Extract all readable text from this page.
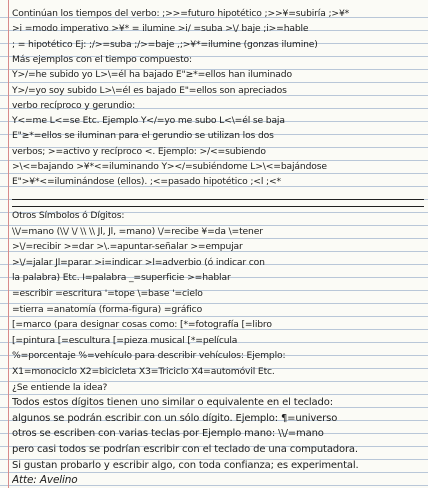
Continúan los tiempos del verbo: ;>>=futuro hipotético ;>>¥=subiría ;>¥*
>i =modo imperativo >¥* = ilumine >i/ =suba >\/ baje ;i>=hable
; = hipotético Ej: ;/>=suba ;/>=baje ,;>¥*=ilumine (gonzas ilumine)
Más ejemplos con el tiempo compuesto:
Y>/=he subido yo L>\=él ha bajado E"≥*=ellos han iluminado
Y>/=yo soy subido L>\=él es bajado E"=ellos son apreciados
verbo recíproco y gerundio:
Y<=me L<=se Etc. Ejemplo Y</=yo me subo L<\=él se baja
E"≥*=ellos se iluminan para el gerundio se utilizan los dos
verbos; >=activo y recíproco <. Ejemplo: >/<=subiendo
>\<=bajando >¥*<=iluminando Y></=subiéndome L>\<=bajándose
E">¥*<=iluminándose (ellos). ;<=pasado hipotético ;<l ;<*
Otros Símbolos ó Dígitos:
\\/=mano (\\/ \/ \\ \\ Jl, Jl, =mano) \/=recibe ¥=da \=tener
>\/=recibir >=dar >\.=apuntar-señalar >=empujar
>\/=jalar Jl=parar >i=indicar >l=adverbio (ó indicar con
la palabra) Etc. I=palabra _=superficie >=hablar
=escribir =escritura '=tope \=base '=cielo
=tierra =anatomía (forma-figura) =gráfico
[=marco (para designar cosas como: [*=fotografía [=libro
[=pintura [=escultura [=pieza musical [*=película
%=porcentaje %=vehículo para describir vehículos: Ejemplo:
X1=monociclo X2=bicicleta X3=Triciclo X4=automóvil Etc.
¿Se entiende la idea?
Todos estos dígitos tienen uno similar o equivalente en el teclado:
algunos se podrán escribir con un sólo dígito. Ejemplo: ¶=universo
otros se escriben con varias teclas por Ejemplo mano: \\/=mano
pero casi todos se podrían escribir con el teclado de una computadora.
Si gustan probarlo y escribir algo, con toda confianza; es experimental.
Atte: Avelino
